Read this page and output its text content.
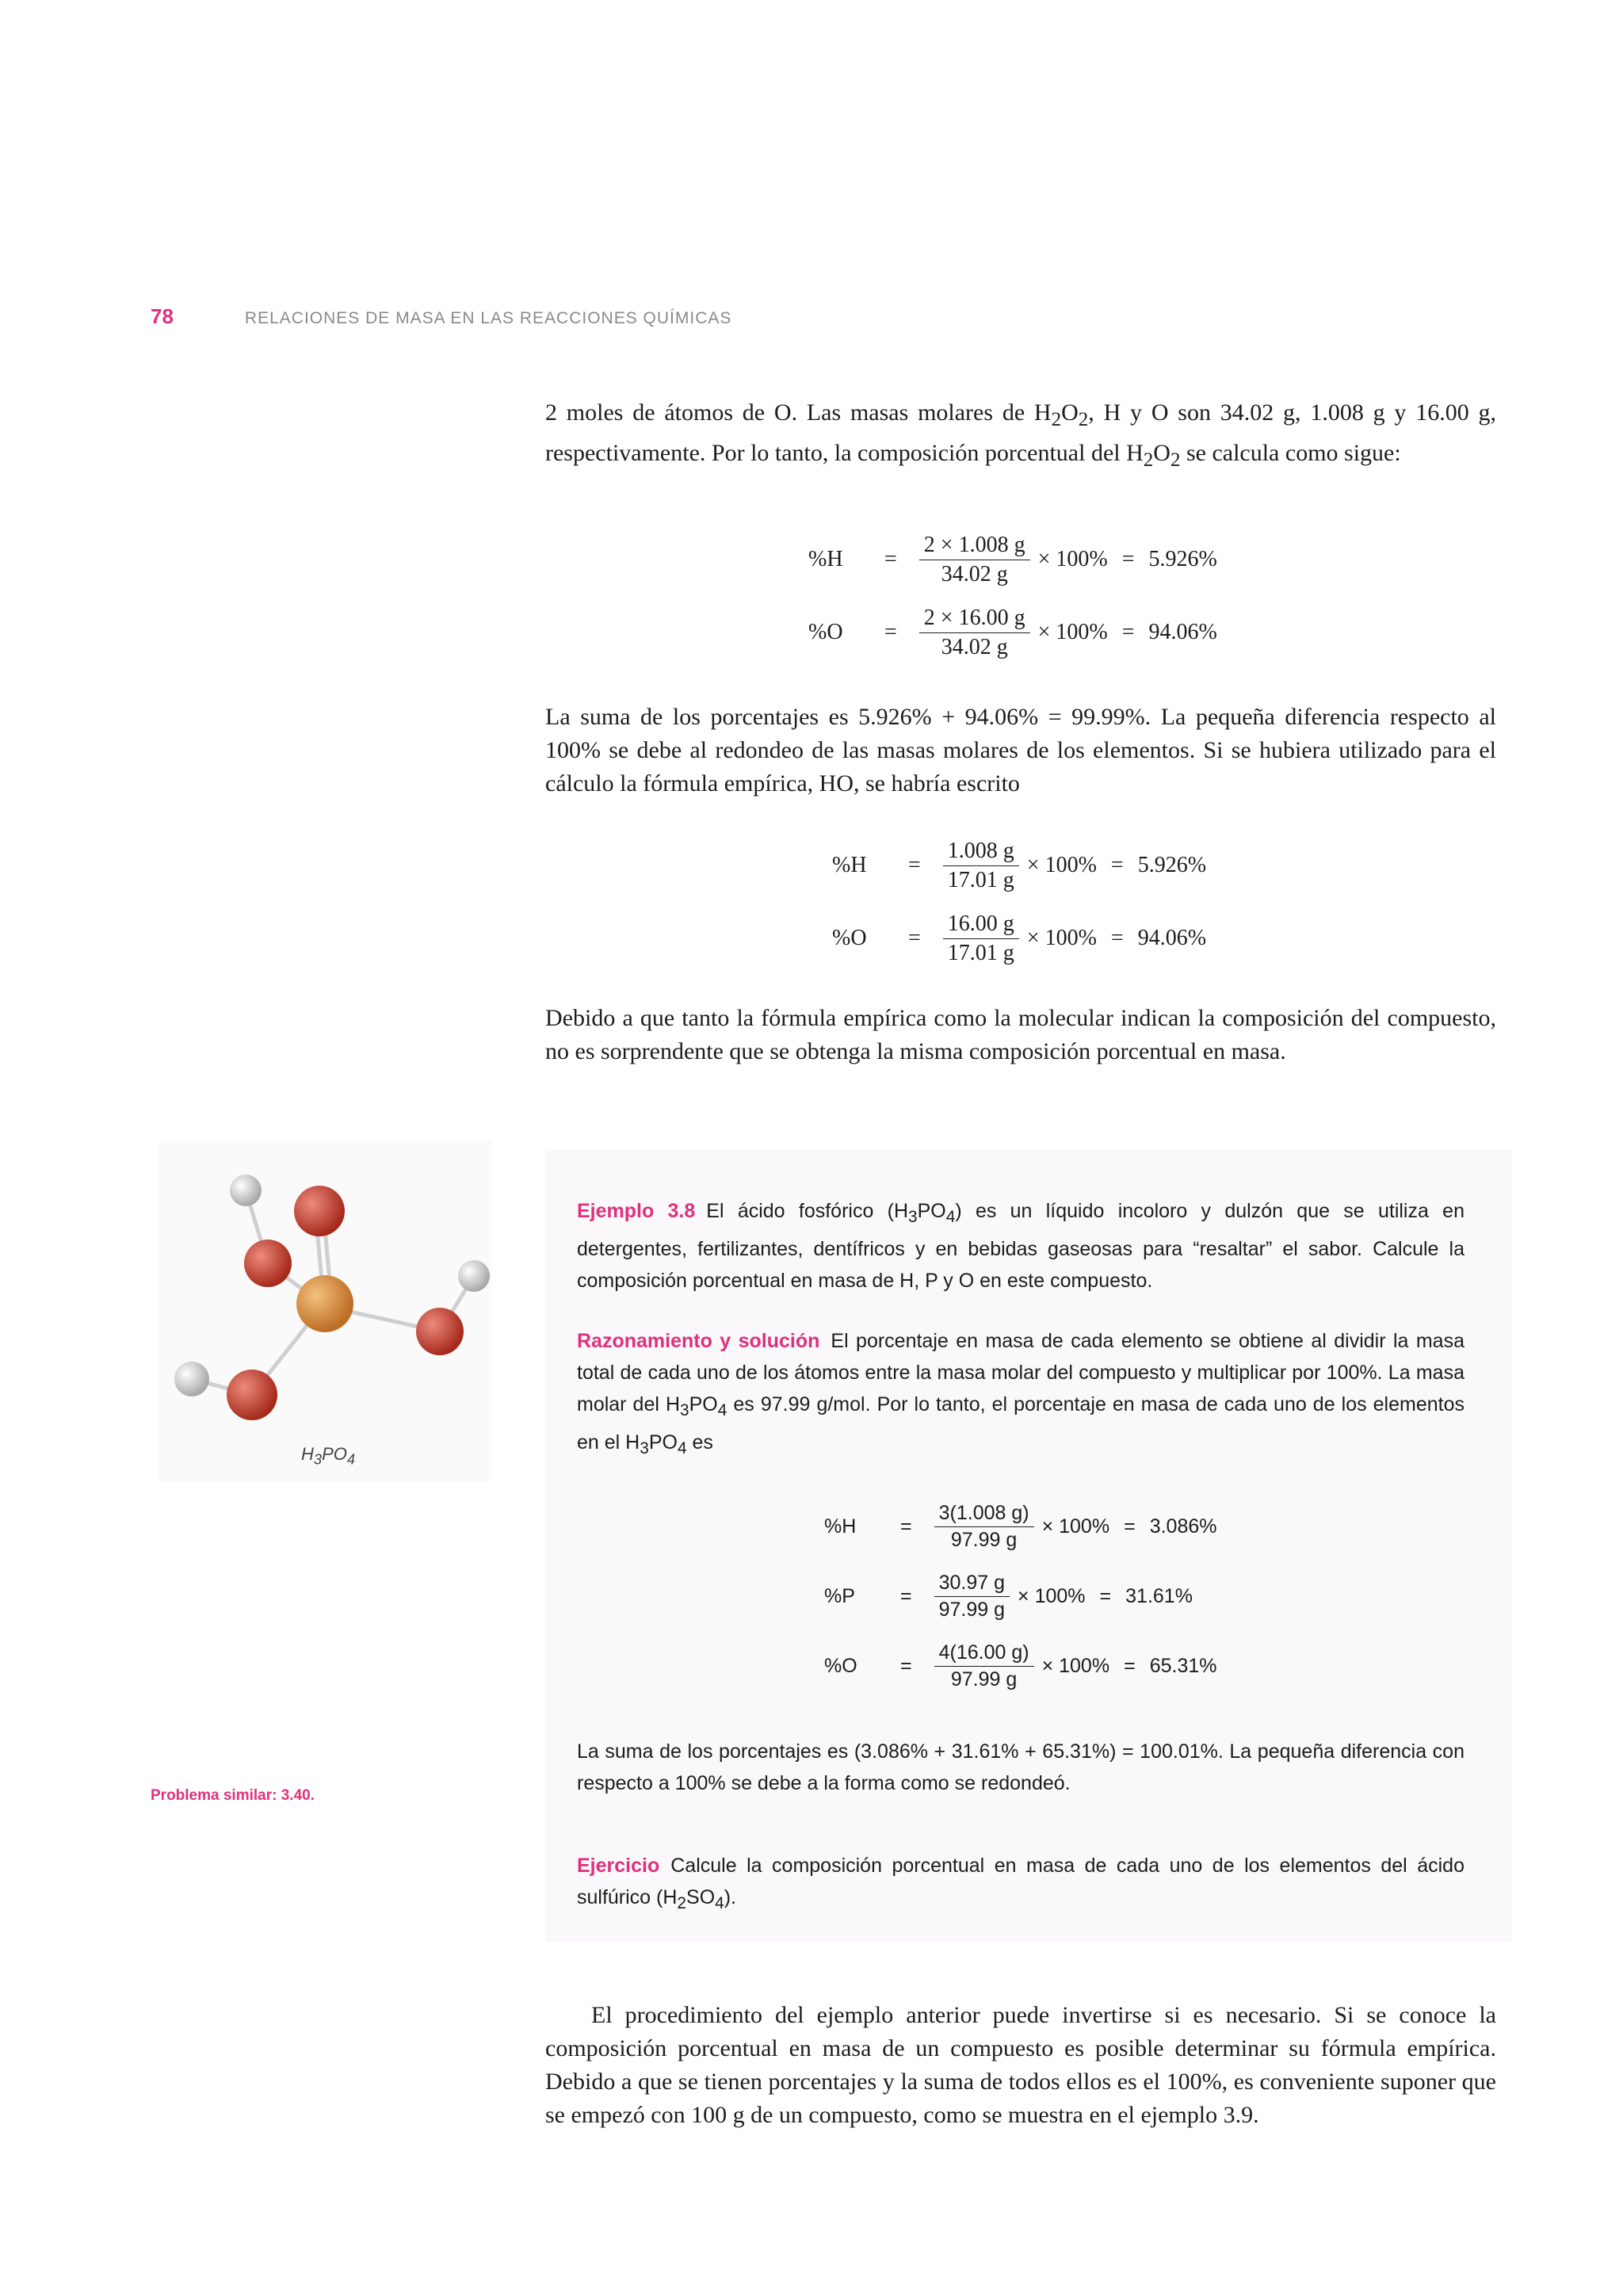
78	RELACIONES DE MASA EN LAS REACCIONES QUÍMICAS

2 moles de átomos de O. Las masas molares de $H_2O_2$, H y O son 34.02 g, 1.008 g y 16.00 g, respectivamente. Por lo tanto, la composición porcentual del $H_2O_2$ se calcula como sigue:

%H	= $\frac{2 \times 1.008 g}{34.02 g} \times 100\% = 5.926\%$
%O	= $\frac{2 \times 16.00 g}{34.02 g} \times 100\% = 94.06\%$

La suma de los porcentajes es 5.926% + 94.06% = 99.99%. La pequeña diferencia respecto al 100% se debe al redondeo de las masas molares de los elementos. Si se hubiera utilizado para el cálculo la fórmula empírica, HO, se habría escrito

%H	= $\frac{1.008 g}{17.01 g} \times 100\% = 5.926\%$
%O	= $\frac{16.00 g}{17.01 g} \times 100\% = 94.06\%$

Debido a que tanto la fórmula empírica como la molecular indican la composición del compuesto, no es sorprendente que se obtenga la misma composición porcentual en masa.

$H_3PO_4$

Ejemplo 3.8 El ácido fosfórico $(H_3PO_4)$ es un líquido incoloro y dulzón que se utiliza en detergentes, fertilizantes, dentífricos y en bebidas gaseosas para “resaltar” el sabor. Calcule la composición porcentual en masa de H, P y O en este compuesto.

Razonamiento y solución El porcentaje en masa de cada elemento se obtiene al dividir la masa total de cada uno de los átomos entre la masa molar del compuesto y multiplicar por 100%. La masa molar del $H_3PO_4$ es 97.99 g/mol. Por lo tanto, el porcentaje en masa de cada uno de los elementos en el $H_3PO_4$ es

%H	= $\frac{3(1.008 g)}{97.99 g} \times 100\% = 3.086\%$
%P	= $\frac{30.97 g}{97.99 g} \times 100\% = 31.61\%$
%O	= $\frac{4(16.00 g)}{97.99 g} \times 100\% = 65.31\%$

La suma de los porcentajes es (3.086% + 31.61% + 65.31%) = 100.01%. La pequeña diferencia con respecto a 100% se debe a la forma como se redondeó.

Problema similar: 3.40.

Ejercicio Calcule la composición porcentual en masa de cada uno de los elementos del ácido sulfúrico $(H_2SO_4)$.

El procedimiento del ejemplo anterior puede invertirse si es necesario. Si se conoce la composición porcentual en masa de un compuesto es posible determinar su fórmula empírica. Debido a que se tienen porcentajes y la suma de todos ellos es el 100%, es conveniente suponer que se empezó con 100 g de un compuesto, como se muestra en el ejemplo 3.9.
